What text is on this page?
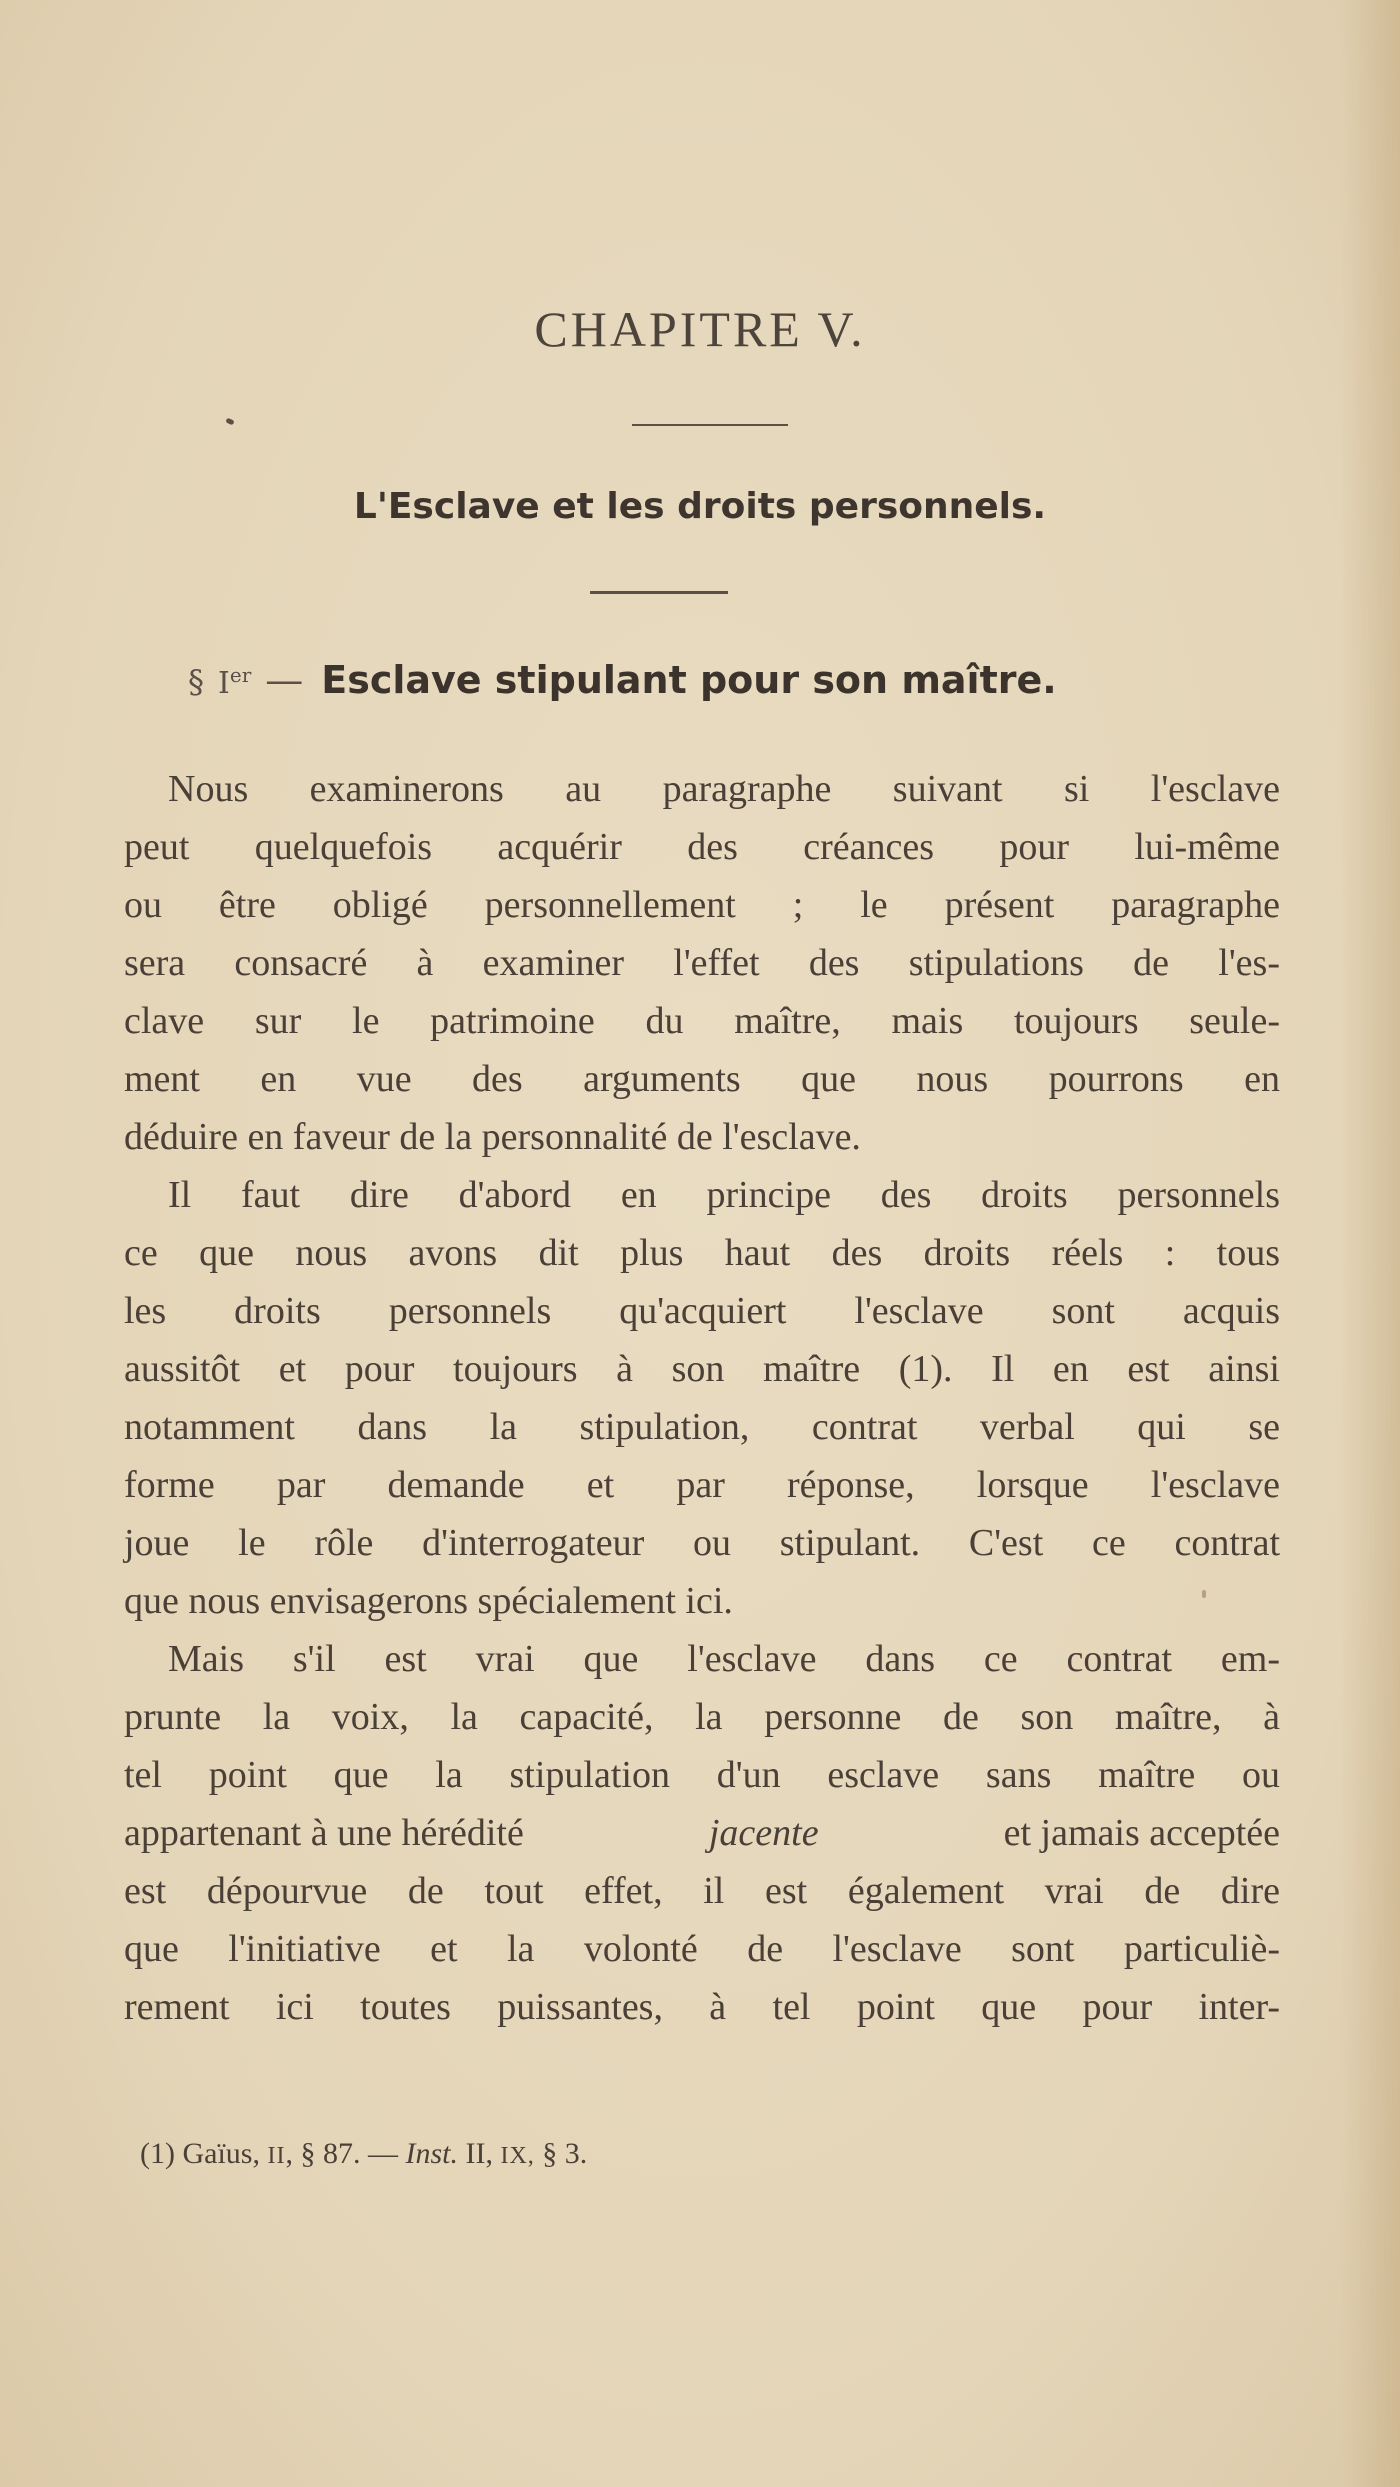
CHAPITRE V.
L'Esclave et les droits personnels.
§ Ier — Esclave stipulant pour son maître.
Nous examinerons au paragraphe suivant si l'esclave
peut quelquefois acquérir des créances pour lui-même
ou être obligé personnellement ; le présent paragraphe
sera consacré à examiner l'effet des stipulations de l'es-
clave sur le patrimoine du maître, mais toujours seule-
ment en vue des arguments que nous pourrons en
déduire en faveur de la personnalité de l'esclave.
Il faut dire d'abord en principe des droits personnels
ce que nous avons dit plus haut des droits réels : tous
les droits personnels qu'acquiert l'esclave sont acquis
aussitôt et pour toujours à son maître (1). Il en est ainsi
notamment dans la stipulation, contrat verbal qui se
forme par demande et par réponse, lorsque l'esclave
joue le rôle d'interrogateur ou stipulant. C'est ce contrat
que nous envisagerons spécialement ici.
Mais s'il est vrai que l'esclave dans ce contrat em-
prunte la voix, la capacité, la personne de son maître, à
tel point que la stipulation d'un esclave sans maître ou
appartenant à une hérédité	jacente	et jamais acceptée
est dépourvue de tout effet, il est également vrai de dire
que l'initiative et la volonté de l'esclave sont particuliè-
rement ici toutes puissantes, à tel point que pour inter-
(1) Gaïus, II, § 87. — Inst. II, IX, § 3.
